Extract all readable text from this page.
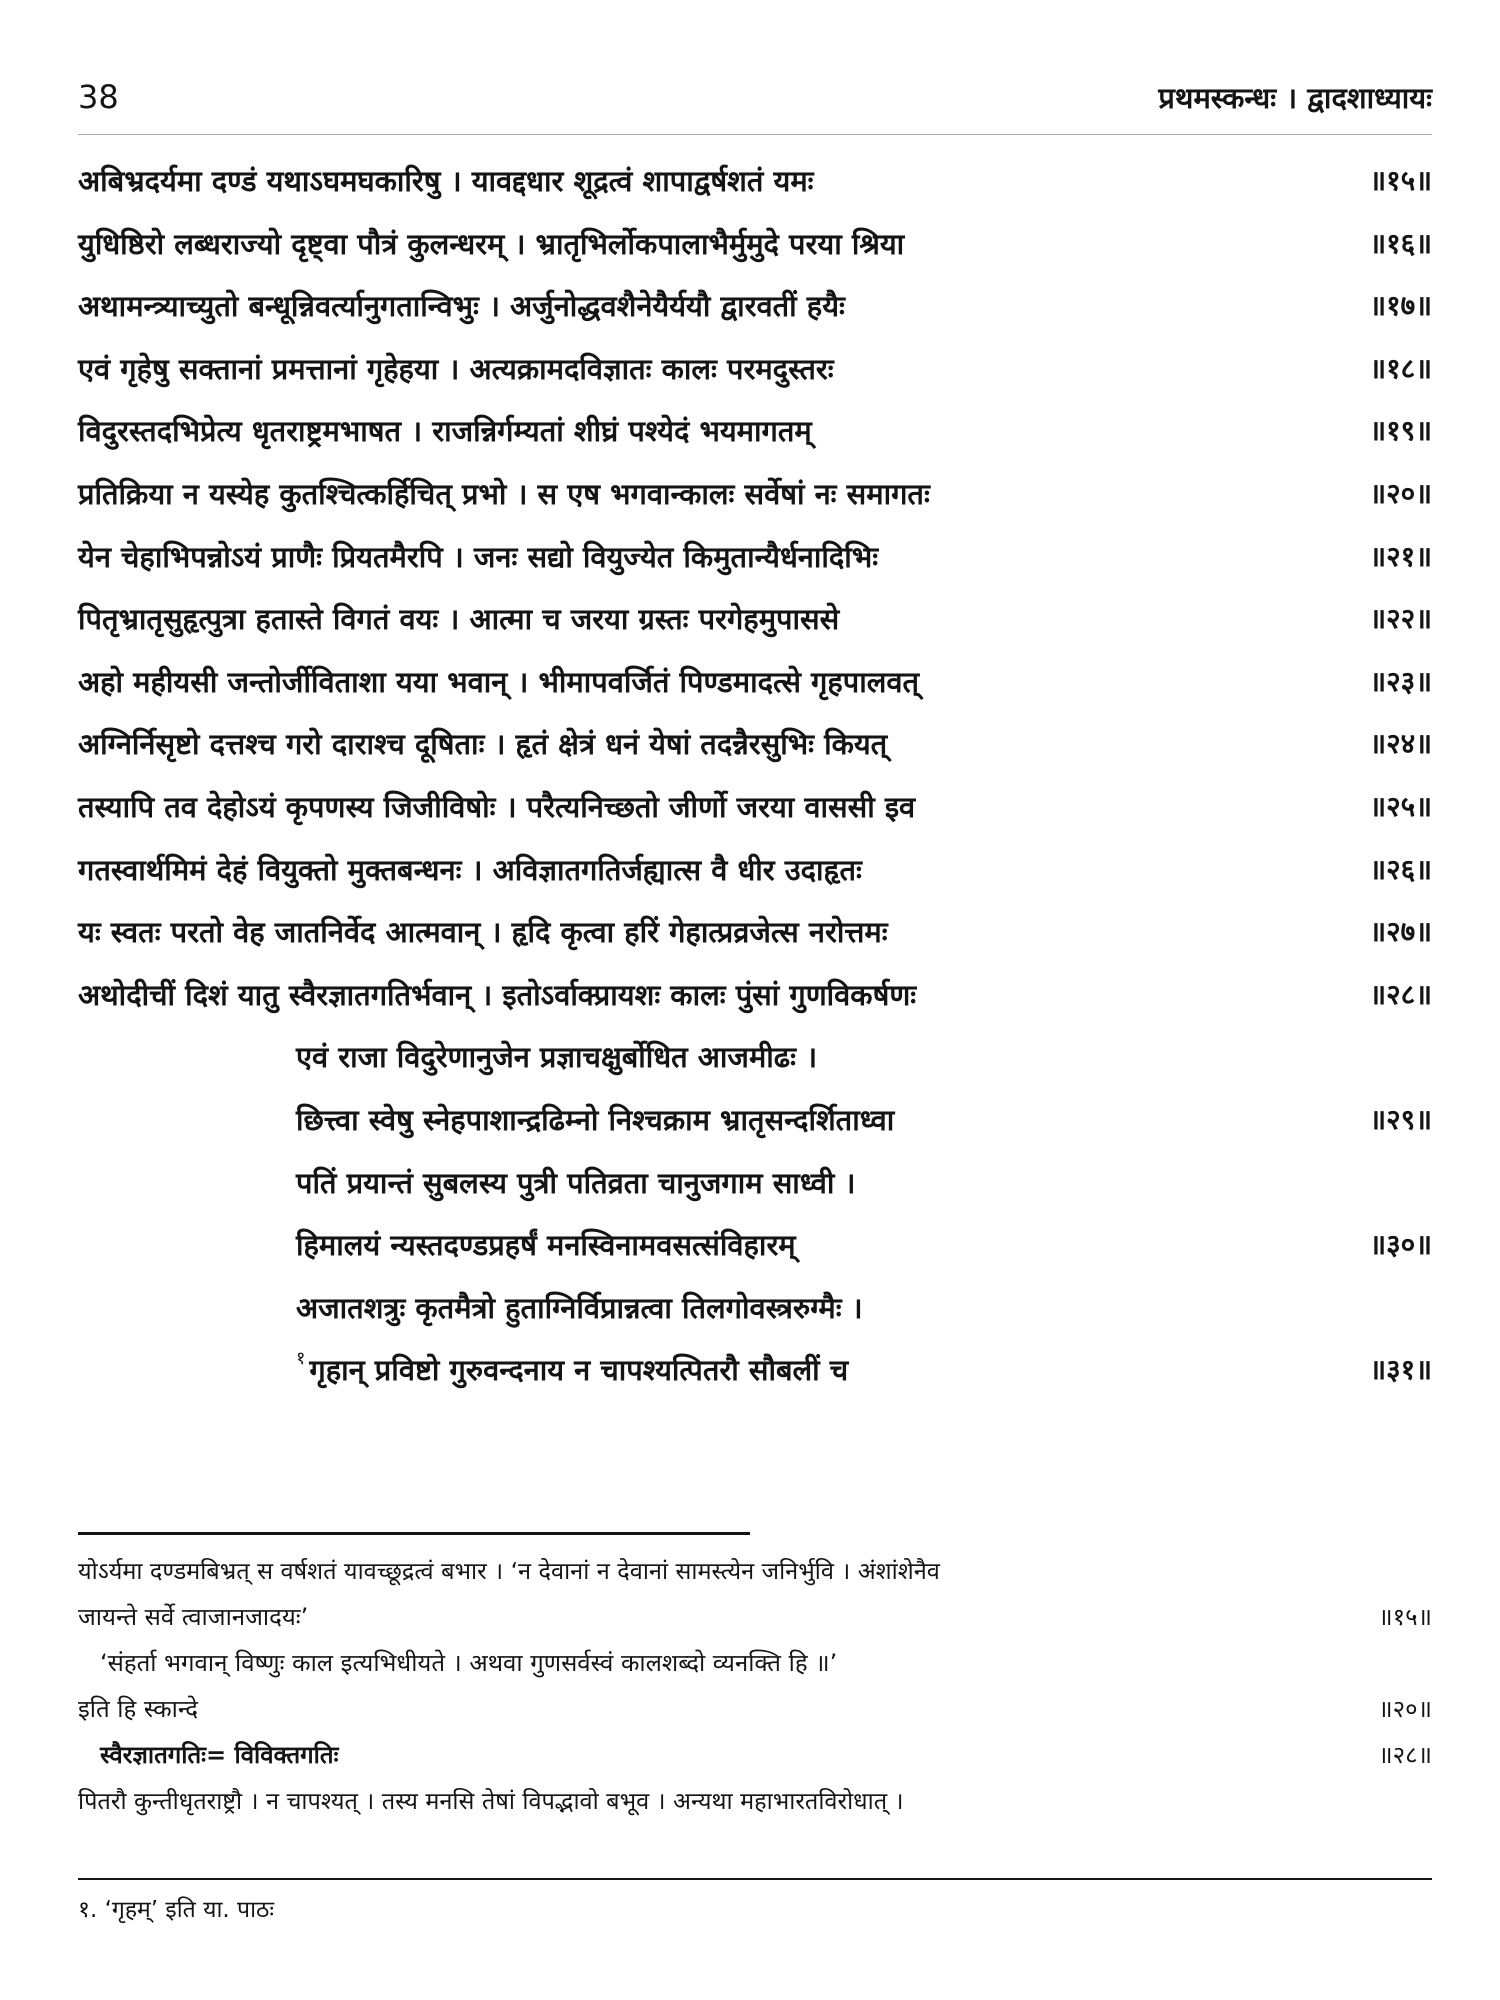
38	प्रथमस्कन्धः । द्वादशाध्यायः
अबिभ्रदर्यमा दण्डं यथाऽघमघकारिषु । यावद्दधार शूद्रत्वं शापाद्वर्षशतं यमः	॥१५॥
युधिष्ठिरो लब्धराज्यो दृष्ट्वा पौत्रं कुलन्धरम् । भ्रातृभिर्लोकपालाभैर्मुमुदे परया श्रिया	॥१६॥
अथामन्त्र्याच्युतो बन्धून्निवर्त्यानुगतान्विभुः । अर्जुनोद्धवशैनेयैर्ययौ द्वारवतीं हयैः	॥१७॥
एवं गृहेषु सक्तानां प्रमत्तानां गृहेहया । अत्यक्रामदविज्ञातः कालः परमदुस्तरः	॥१८॥
विदुरस्तदभिप्रेत्य धृतराष्ट्रमभाषत । राजन्निर्गम्यतां शीघ्रं पश्येदं भयमागतम्	॥१९॥
प्रतिक्रिया न यस्येह कुतश्चित्कर्हिचित् प्रभो । स एष भगवान्कालः सर्वेषां नः समागतः	॥२०॥
येन चेहाभिपन्नोऽयं प्राणैः प्रियतमैरपि । जनः सद्यो वियुज्येत किमुतान्यैर्धनादिभिः	॥२१॥
पितृभ्रातृसुहृत्पुत्रा हतास्ते विगतं वयः । आत्मा च जरया ग्रस्तः परगेहमुपाससे	॥२२॥
अहो महीयसी जन्तोर्जीविताशा यया भवान् । भीमापवर्जितं पिण्डमादत्से गृहपालवत्	॥२३॥
अग्निर्निसृष्टो दत्तश्च गरो दाराश्च दूषिताः । हृतं क्षेत्रं धनं येषां तदन्नैरसुभिः कियत्	॥२४॥
तस्यापि तव देहोऽयं कृपणस्य जिजीविषोः । परैत्यनिच्छतो जीर्णो जरया वाससी इव	॥२५॥
गतस्वार्थमिमं देहं वियुक्तो मुक्तबन्धनः । अविज्ञातगतिर्जह्यात्स वै धीर उदाहृतः	॥२६॥
यः स्वतः परतो वेह जातनिर्वेद आत्मवान् । हृदि कृत्वा हरिं गेहात्प्रव्रजेत्स नरोत्तमः	॥२७॥
अथोदीचीं दिशं यातु स्वैरज्ञातगतिर्भवान् । इतोऽर्वाक्प्रायशः कालः पुंसां गुणविकर्षणः	॥२८॥
एवं राजा विदुरेणानुजेन प्रज्ञाचक्षुर्बोधित आजमीढः ।
छित्त्वा स्वेषु स्नेहपाशान्द्रढिम्नो निश्चक्राम भ्रातृसन्दर्शिताध्वा	॥२९॥
पतिं प्रयान्तं सुबलस्य पुत्री पतिव्रता चानुजगाम साध्वी ।
हिमालयं न्यस्तदण्डप्रहर्षं मनस्विनामवसत्संविहारम्	॥३०॥
अजातशत्रुः कृतमैत्रो हुताग्निर्विप्रान्नत्वा तिलगोवस्त्ररुग्मैः ।
$^१$ गृहान् प्रविष्टो गुरुवन्दनाय न चापश्यत्पितरौ सौबलीं च	॥३१॥
योऽर्यमा दण्डमबिभ्रत् स वर्षशतं यावच्छूद्रत्वं बभार । ‘न देवानां न देवानां सामस्त्येन जनिर्भुवि । अंशांशेनैव
जायन्ते सर्वे त्वाजानजादयः’	॥१५॥
‘संहर्ता भगवान् विष्णुः काल इत्यभिधीयते । अथवा गुणसर्वस्वं कालशब्दो व्यनक्ति हि ॥’
इति हि स्कान्दे	॥२०॥
स्वैरज्ञातगतिः= विविक्तगतिः	॥२८॥
पितरौ कुन्तीधृतराष्ट्रौ । न चापश्यत् । तस्य मनसि तेषां विपद्भावो बभूव । अन्यथा महाभारतविरोधात् ।
१. ‘गृहम्’ इति या. पाठः
